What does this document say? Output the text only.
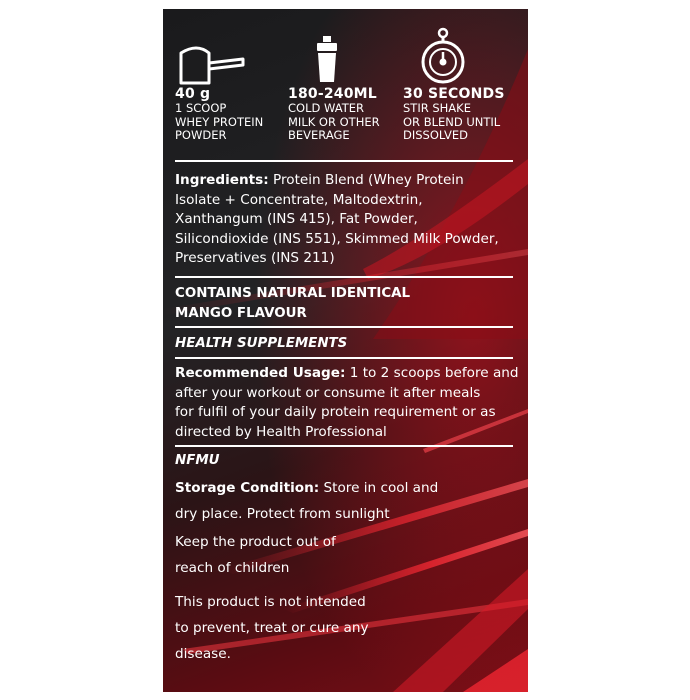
40 g
1 SCOOP
WHEY PROTEIN
POWDER
180-240ML
COLD WATER
MILK OR OTHER
BEVERAGE
30 SECONDS
STIR SHAKE
OR BLEND UNTIL
DISSOLVED
Ingredients: Protein Blend (Whey Protein
Isolate + Concentrate, Maltodextrin,
Xanthangum (INS 415), Fat Powder,
Silicondioxide (INS 551), Skimmed Milk Powder,
Preservatives (INS 211)
CONTAINS NATURAL IDENTICAL
MANGO FLAVOUR
HEALTH SUPPLEMENTS
Recommended Usage: 1 to 2 scoops before and
after your workout or consume it after meals
for fulfil of your daily protein requirement or as
directed by Health Professional
NFMU
Storage Condition: Store in cool and
dry place. Protect from sunlight
Keep the product out of
reach of children
This product is not intended
to prevent, treat or cure any
disease.
